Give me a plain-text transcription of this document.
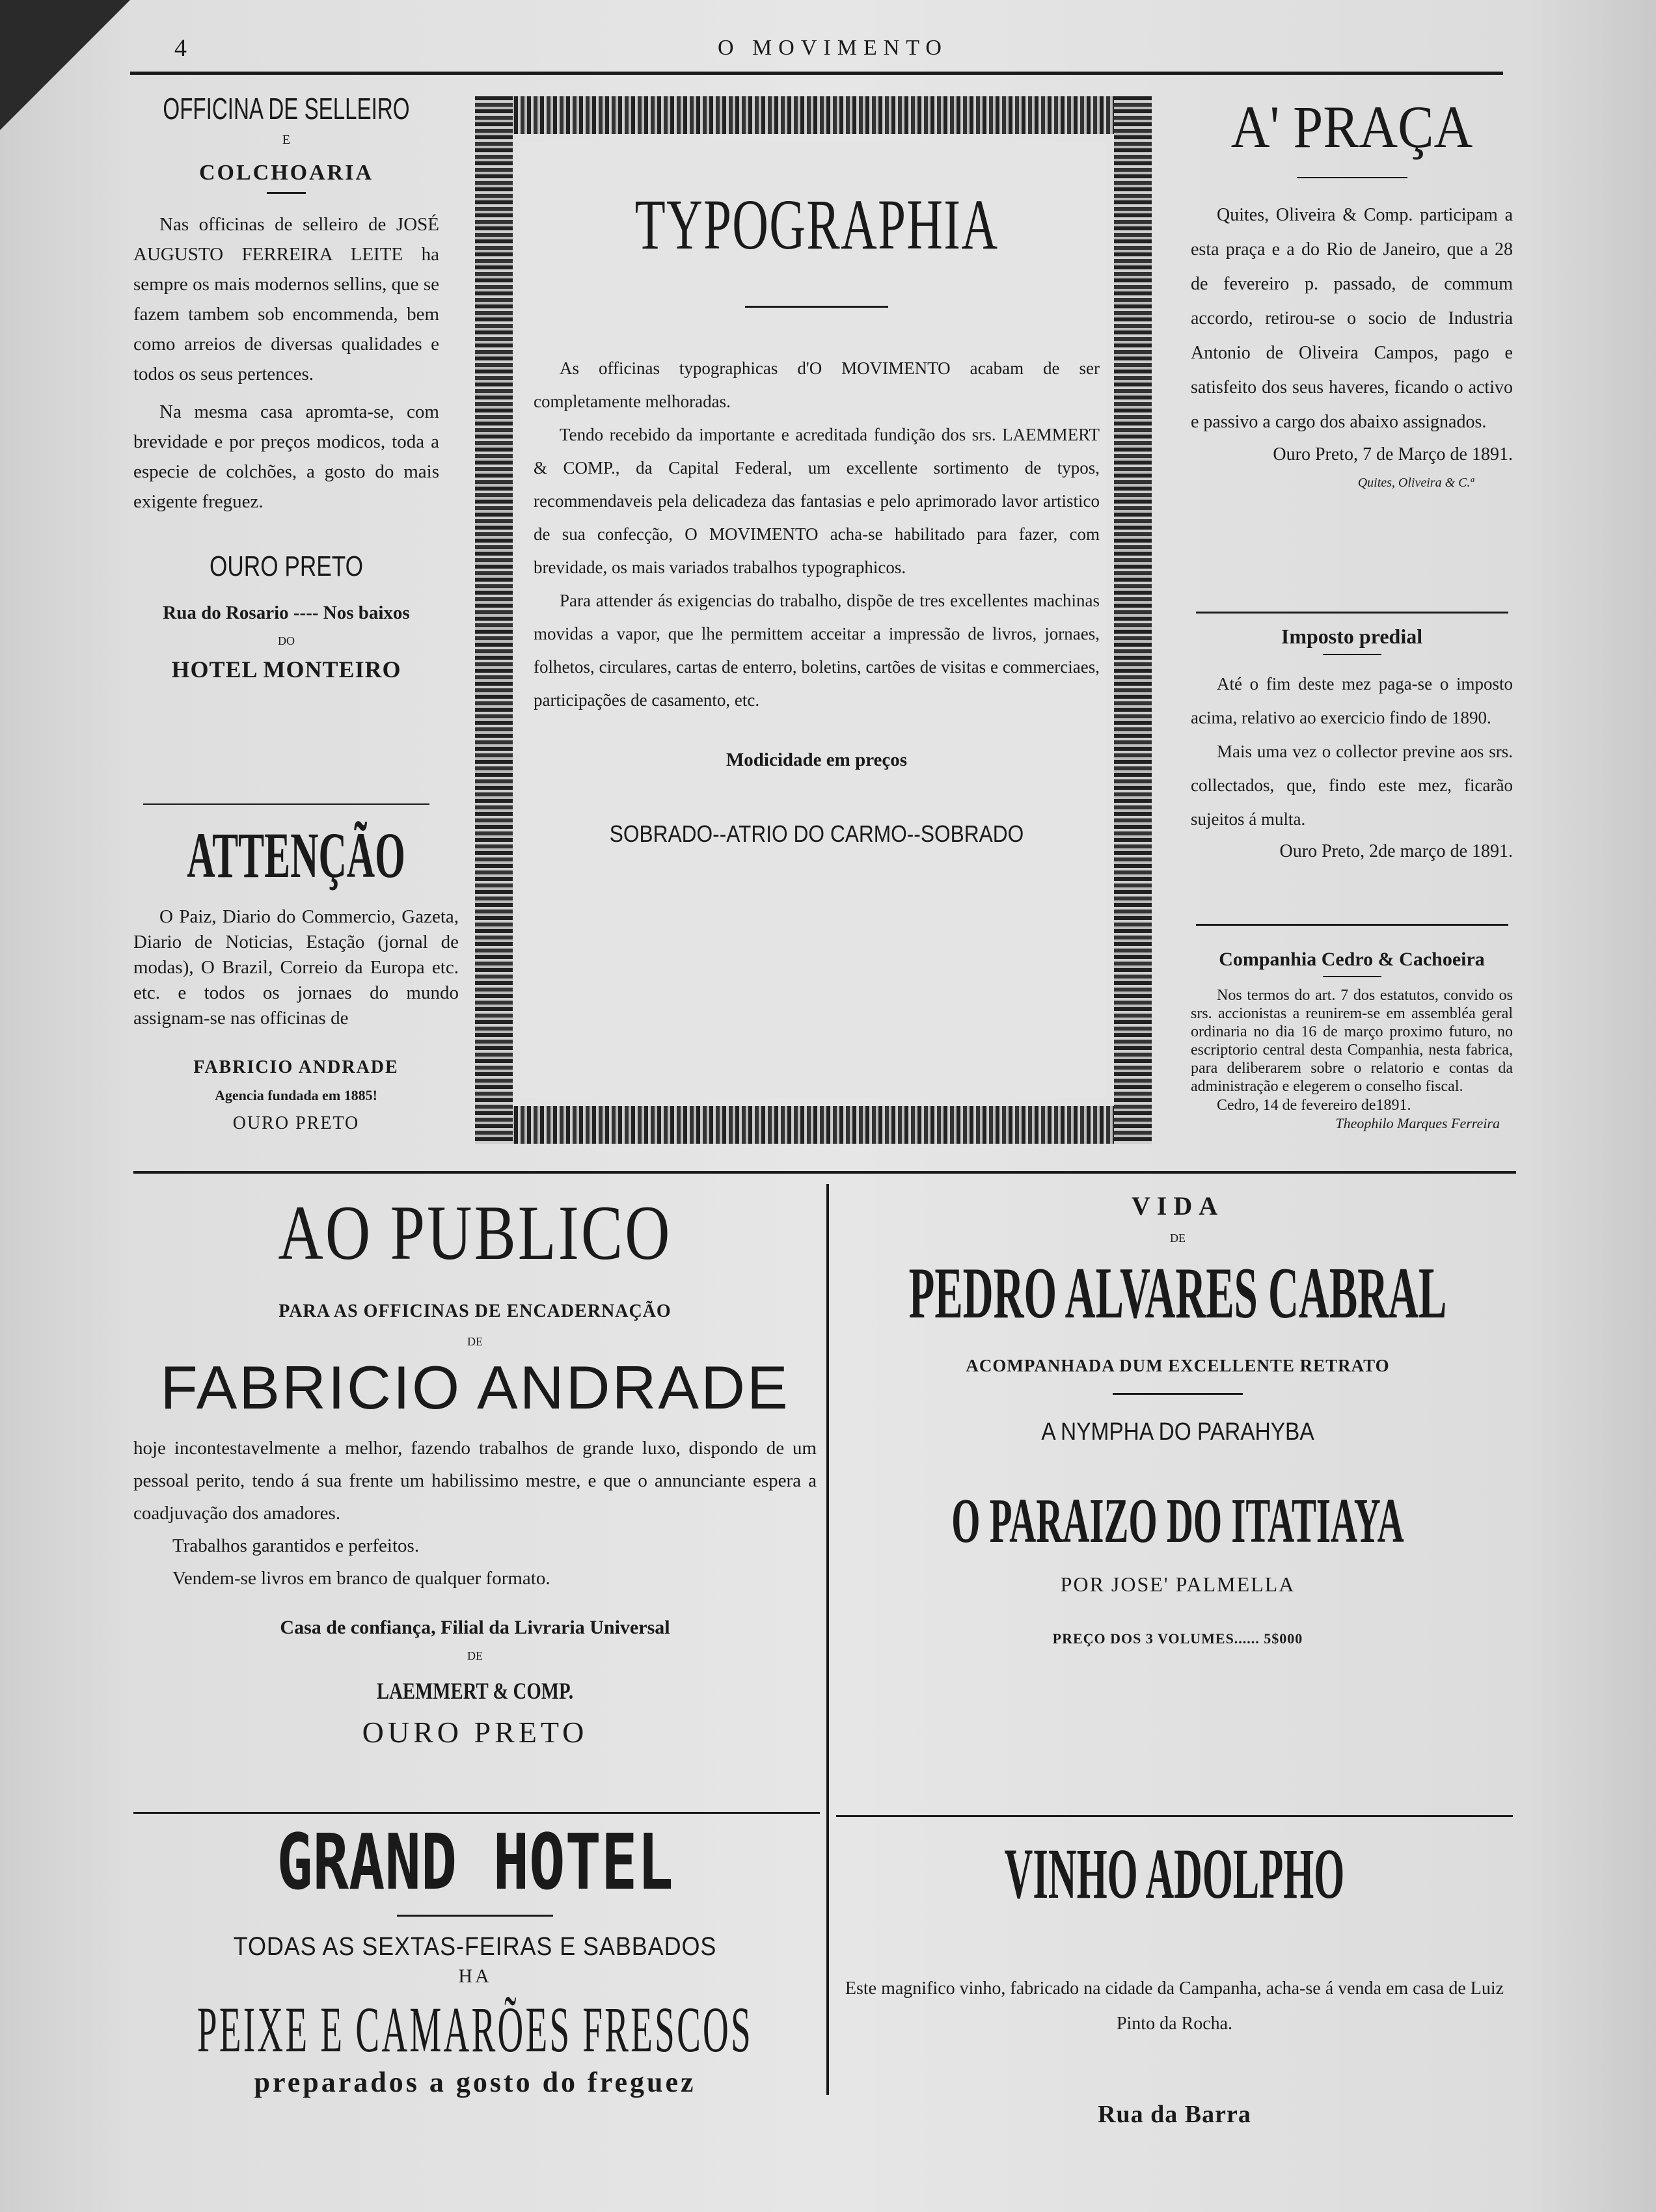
4	O MOVIMENTO
OFFICINA DE SELLEIRO
E
COLCHOARIA

Nas officinas de selleiro de JOSÉ AUGUSTO FERREIRA LEITE ha sempre os mais modernos sellins, que se fazem tambem sob encommenda, bem como arreios de diversas qualidades e todos os seus pertences.

Na mesma casa apromta-se, com brevidade e por preços modicos, toda a especie de colchões, a gosto do mais exigente freguez.

OURO PRETO
Rua do Rosario ---- Nos baixos
DO
HOTEL MONTEIRO
ATTENÇÃO

O Paiz, Diario do Commercio, Gazeta, Diario de Noticias, Estação (jornal de modas), O Brazil, Correio da Europa etc. etc. e todos os jornaes do mundo assignam-se nas officinas de

FABRICIO ANDRADE
Agencia fundada em 1885!
OURO PRETO
TYPOGRAPHIA

As officinas typographicas d'O MOVIMENTO acabam de ser completamente melhoradas.

Tendo recebido da importante e acreditada fundição dos srs. LAEMMERT & COMP., da Capital Federal, um excellente sortimento de typos, recommendaveis pela delicadeza das fantasias e pelo aprimorado lavor artistico de sua confecção, O MOVIMENTO acha-se habilitado para fazer, com brevidade, os mais variados trabalhos typographicos.

Para attender ás exigencias do trabalho, dispõe de tres excellentes machinas movidas a vapor, que lhe permittem acceitar a impressão de livros, jornaes, folhetos, circulares, cartas de enterro, boletins, cartões de visitas e commerciaes, participações de casamento, etc.

Modicidade em preços
SOBRADO--ATRIO DO CARMO--SOBRADO
A' PRAÇA

Quites, Oliveira & Comp. participam a esta praça e a do Rio de Janeiro, que a 28 de fevereiro p. passado, de commum accordo, retirou-se o socio de Industria Antonio de Oliveira Campos, pago e satisfeito dos seus haveres, ficando o activo e passivo a cargo dos abaixo assignados.

Ouro Preto, 7 de Março de 1891.
Quites, Oliveira & C.ª
Imposto predial

Até o fim deste mez paga-se o imposto acima, relativo ao exercicio findo de 1890.

Mais uma vez o collector previne aos srs. collectados, que, findo este mez, ficarão sujeitos á multa.

Ouro Preto, 2de março de 1891.
Companhia Cedro & Cachoeira

Nos termos do art. 7 dos estatutos, convido os srs. accionistas a reunirem-se em assembléa geral ordinaria no dia 16 de março proximo futuro, no escriptorio central desta Companhia, nesta fabrica, para deliberarem sobre o relatorio e contas da administração e elegerem o conselho fiscal.

Cedro, 14 de fevereiro de1891.
Theophilo Marques Ferreira
AO PUBLICO
PARA AS OFFICINAS DE ENCADERNAÇÃO
DE
FABRICIO ANDRADE

hoje incontestavelmente a melhor, fazendo trabalhos de grande luxo, dispondo de um pessoal perito, tendo á sua frente um habilissimo mestre, e que o annunciante espera a coadjuvação dos amadores.

Trabalhos garantidos e perfeitos.

Vendem-se livros em branco de qualquer formato.

Casa de confiança, Filial da Livraria Universal
DE
LAEMMERT & COMP.
OURO PRETO
VIDA
DE
PEDRO ALVARES CABRAL
ACOMPANHADA DUM EXCELLENTE RETRATO
A NYMPHA DO PARAHYBA
O PARAIZO DO ITATIAYA
POR JOSE' PALMELLA
PREÇO DOS 3 VOLUMES...... 5$000
GRAND HOTEL
TODAS AS SEXTAS-FEIRAS E SABBADOS
HA
PEIXE E CAMARÕES FRESCOS
preparados a gosto do freguez
VINHO ADOLPHO

Este magnifico vinho, fabricado na cidade da Campanha, acha-se á venda em casa de Luiz Pinto da Rocha.

Rua da Barra
